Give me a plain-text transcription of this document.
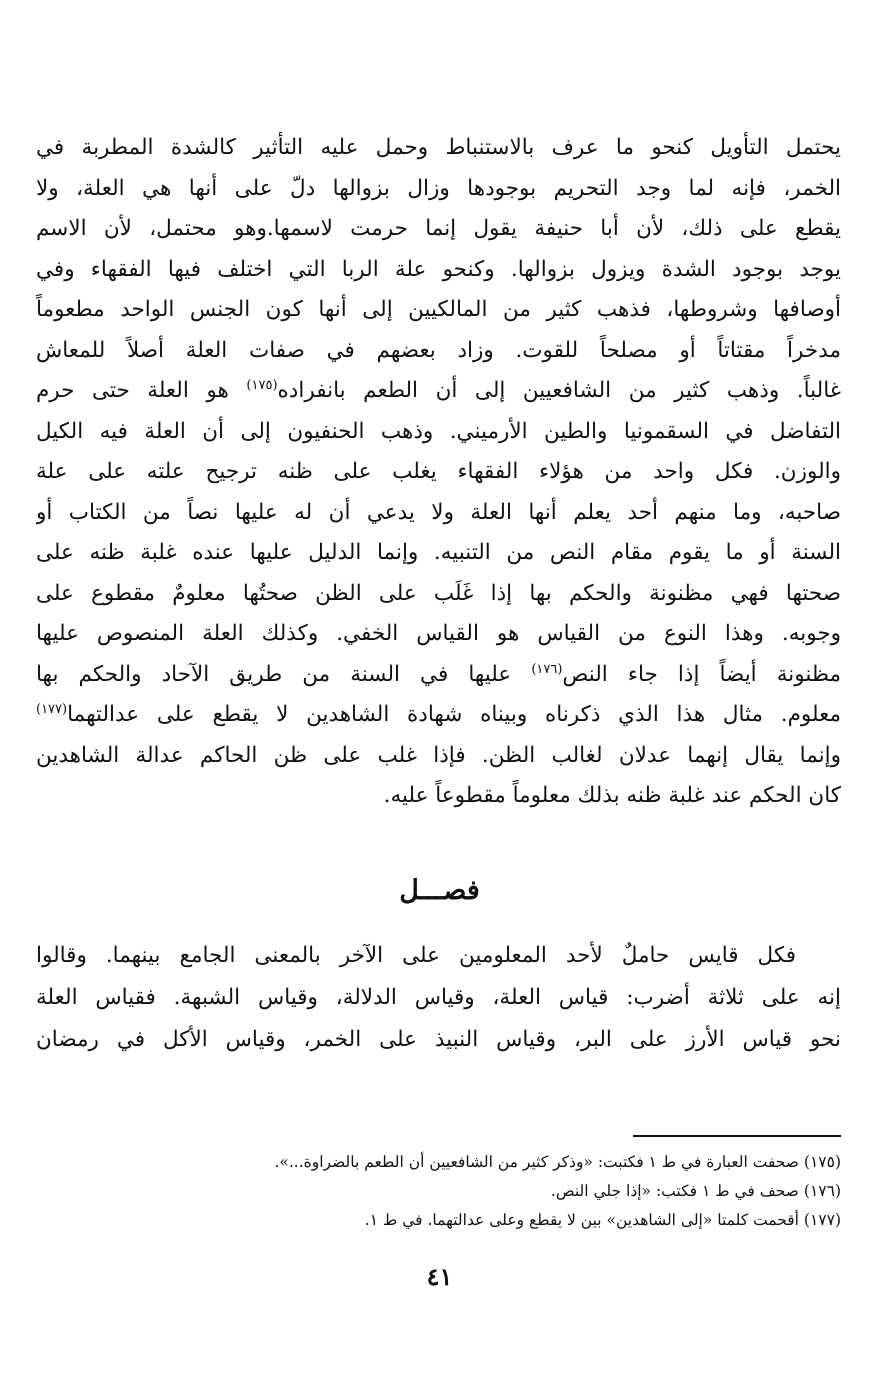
يحتمل التأويل كنحو ما عرف بالاستنباط وحمل عليه التأثير كالشدة المطربة في
الخمر، فإنه لما وجد التحريم بوجودها وزال بزوالها دلّ على أنها هي العلة، ولا
يقطع على ذلك، لأن أبا حنيفة يقول إنما حرمت لاسمها.وهو محتمل، لأن الاسم
يوجد بوجود الشدة ويزول بزوالها. وكنحو علة الربا التي اختلف فيها الفقهاء وفي
أوصافها وشروطها، فذهب كثير من المالكيين إلى أنها كون الجنس الواحد مطعوماً
مدخراً مقتاتاً أو مصلحاً للقوت. وزاد بعضهم في صفات العلة أصلاً للمعاش
غالباً. وذهب كثير من الشافعيين إلى أن الطعم بانفراده$^{(١٧٥)}$ هو العلة حتى حرم
التفاضل في السقمونيا والطين الأرميني. وذهب الحنفيون إلى أن العلة فيه الكيل
والوزن. فكل واحد من هؤلاء الفقهاء يغلب على ظنه ترجيح علته على علة
صاحبه، وما منهم أحد يعلم أنها العلة ولا يدعي أن له عليها نصاً من الكتاب أو
السنة أو ما يقوم مقام النص من التنبيه. وإنما الدليل عليها عنده غلبة ظنه على
صحتها فهي مظنونة والحكم بها إذا غَلَب على الظن صحتُها معلومٌ مقطوع على
وجوبه. وهذا النوع من القياس هو القياس الخفي. وكذلك العلة المنصوص عليها
مظنونة أيضاً إذا جاء النص$^{(١٧٦)}$ عليها في السنة من طريق الآحاد والحكم بها
معلوم. مثال هذا الذي ذكرناه وبيناه شهادة الشاهدين لا يقطع على عدالتهما$^{(١٧٧)}$
وإنما يقال إنهما عدلان لغالب الظن. فإذا غلب على ظن الحاكم عدالة الشاهدين
كان الحكم عند غلبة ظنه بذلك معلوماً مقطوعاً عليه.
فصـــل
فكل قايس حاملٌ لأحد المعلومين على الآخر بالمعنى الجامع بينهما. وقالوا
إنه على ثلاثة أضرب: قياس العلة، وقياس الدلالة، وقياس الشبهة. فقياس العلة
نحو قياس الأرز على البر، وقياس النبيذ على الخمر، وقياس الأكل في رمضان
(١٧٥) صحفت العبارة في ط ١ فكتبت: «وذكر كثير من الشافعيين أن الطعم بالضراوة...».
(١٧٦) صحف في ط ١ فكتب: «إذا جلي النص.
(١٧٧) أقحمت كلمتا «إلى الشاهدين» بين لا يقطع وعلى عدالتهما. في ط ١.
٤١
